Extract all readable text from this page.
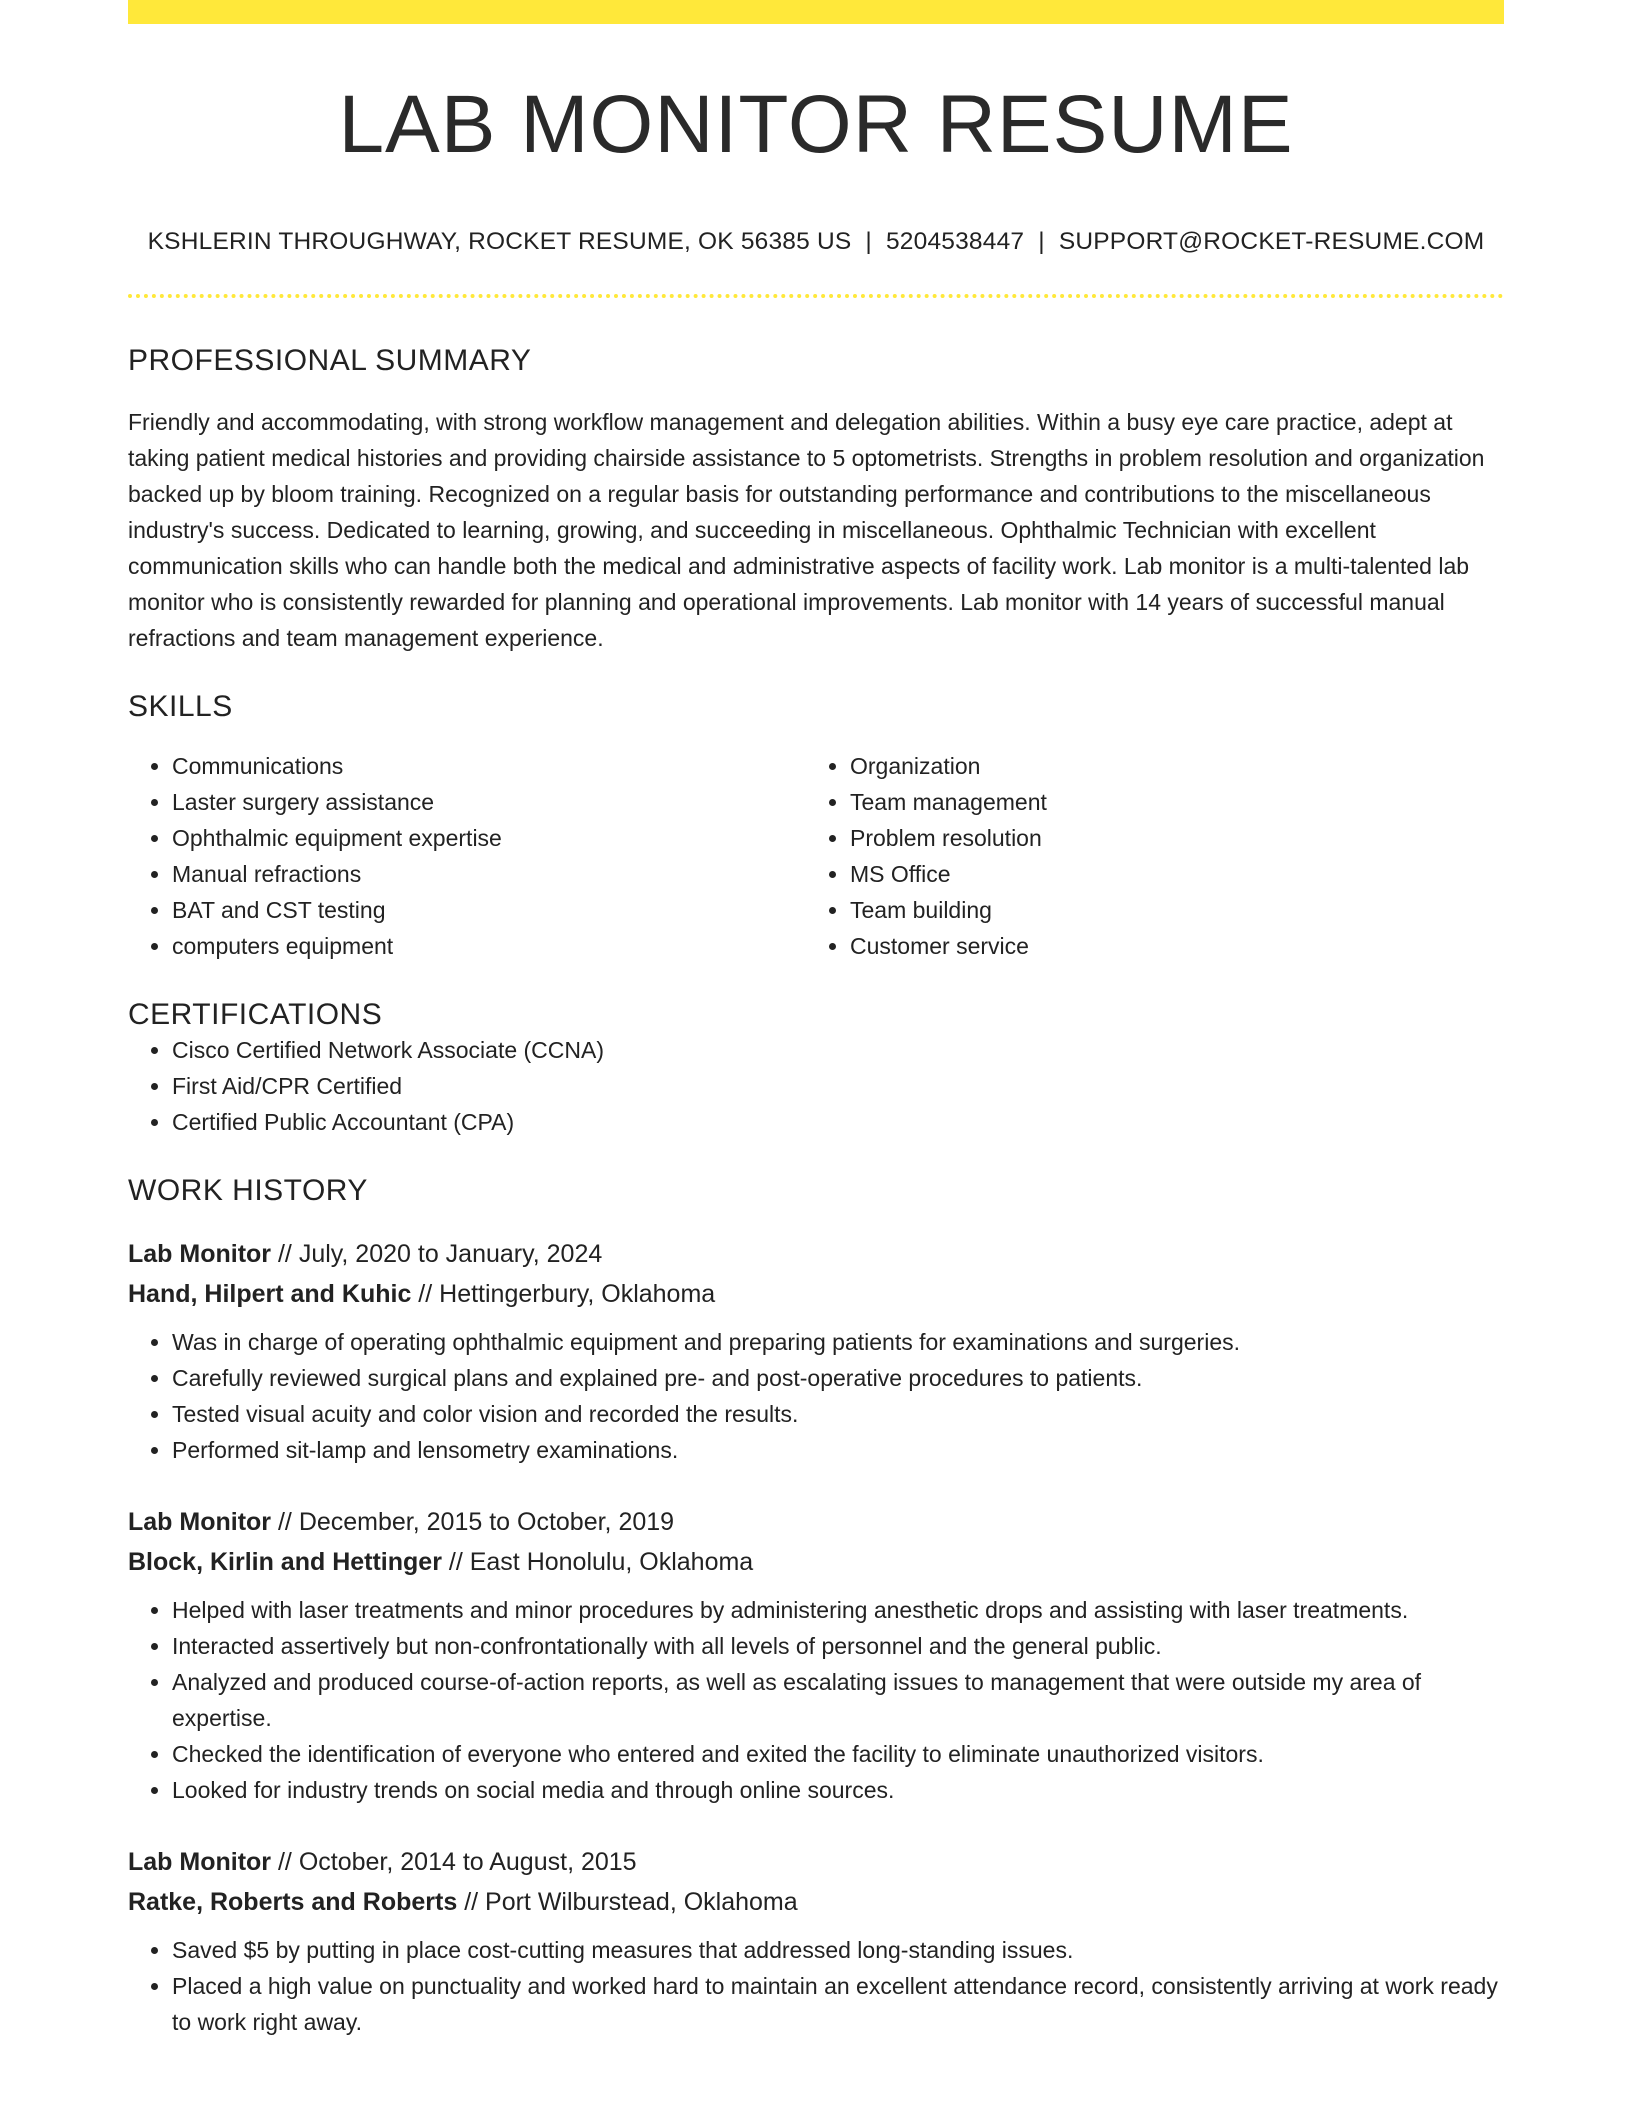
LAB MONITOR RESUME
KSHLERIN THROUGHWAY, ROCKET RESUME, OK 56385 US | 5204538447 | SUPPORT@ROCKET-RESUME.COM
PROFESSIONAL SUMMARY

Friendly and accommodating, with strong workflow management and delegation abilities. Within a busy eye care practice, adept at taking patient medical histories and providing chairside assistance to 5 optometrists. Strengths in problem resolution and organization backed up by bloom training. Recognized on a regular basis for outstanding performance and contributions to the miscellaneous industry's success. Dedicated to learning, growing, and succeeding in miscellaneous. Ophthalmic Technician with excellent communication skills who can handle both the medical and administrative aspects of facility work. Lab monitor is a multi-talented lab monitor who is consistently rewarded for planning and operational improvements. Lab monitor with 14 years of successful manual refractions and team management experience.

SKILLS
• Communications
• Laster surgery assistance
• Ophthalmic equipment expertise
• Manual refractions
• BAT and CST testing
• computers equipment
• Organization
• Team management
• Problem resolution
• MS Office
• Team building
• Customer service
CERTIFICATIONS
• Cisco Certified Network Associate (CCNA)
• First Aid/CPR Certified
• Certified Public Accountant (CPA)
WORK HISTORY
Lab Monitor // July, 2020 to January, 2024
Hand, Hilpert and Kuhic // Hettingerbury, Oklahoma
• Was in charge of operating ophthalmic equipment and preparing patients for examinations and surgeries.
• Carefully reviewed surgical plans and explained pre- and post-operative procedures to patients.
• Tested visual acuity and color vision and recorded the results.
• Performed sit-lamp and lensometry examinations.
Lab Monitor // December, 2015 to October, 2019
Block, Kirlin and Hettinger // East Honolulu, Oklahoma
• Helped with laser treatments and minor procedures by administering anesthetic drops and assisting with laser treatments.
• Interacted assertively but non-confrontationally with all levels of personnel and the general public.
• Analyzed and produced course-of-action reports, as well as escalating issues to management that were outside my area of expertise.
• Checked the identification of everyone who entered and exited the facility to eliminate unauthorized visitors.
• Looked for industry trends on social media and through online sources.
Lab Monitor // October, 2014 to August, 2015
Ratke, Roberts and Roberts // Port Wilburstead, Oklahoma
• Saved $5 by putting in place cost-cutting measures that addressed long-standing issues.
• Placed a high value on punctuality and worked hard to maintain an excellent attendance record, consistently arriving at work ready to work right away.
